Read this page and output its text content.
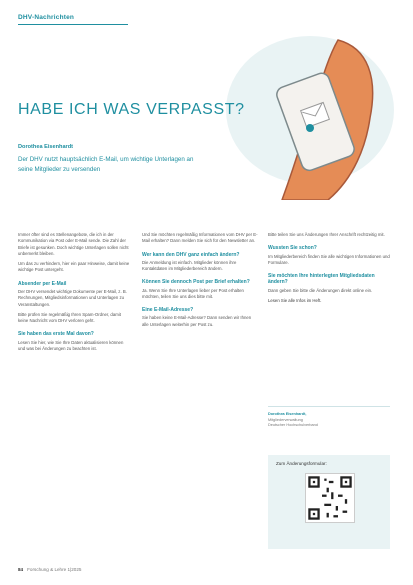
DHV-Nachrichten
HABE ICH WAS VERPASST?
Dorothea Eisenhardt
Der DHV nutzt hauptsächlich E-Mail, um wichtige Unterlagen an seine Mitglieder zu versenden

Immer öfter sind es Stellenangebote, die ich in der Kommunikation via Post oder E-Mail sende. Die Zahl der Briefe ist gesunken. Doch wichtige Unterlagen sollen nicht unbemerkt bleiben.

Um das zu verhindern, hier ein paar Hinweise, damit keine wichtige Post untergeht.

Absender per E-Mail

Der DHV versendet wichtige Dokumente per E-Mail, z. B. Rechnungen, Mitgliedsinformationen und Unterlagen zu Veranstaltungen.

Bitte prüfen Sie regelmäßig Ihren Spam-Ordner, damit keine Nachricht vom DHV verloren geht.

Sie haben das erste Mal davon?

Lesen Sie hier, wie Sie Ihre Daten aktualisieren können und was bei Änderungen zu beachten ist.

Und Sie möchten regelmäßig Informationen vom DHV per E-Mail erhalten? Dann melden Sie sich für den Newsletter an.

Wer kann den DHV ganz einfach ändern?

Die Anmeldung ist einfach. Mitglieder können ihre Kontaktdaten im Mitgliederbereich ändern.

Können Sie dennoch Post per Brief erhalten?

Ja. Wenn Sie Ihre Unterlagen lieber per Post erhalten möchten, teilen Sie uns dies bitte mit.

Eine E-Mail-Adresse?

Sie haben keine E-Mail-Adresse? Dann senden wir Ihnen alle Unterlagen weiterhin per Post zu.

Bitte teilen Sie uns Änderungen Ihrer Anschrift rechtzeitig mit.

Wussten Sie schon?

Im Mitgliederbereich finden Sie alle wichtigen Informationen und Formulare.

Sie möchten Ihre hinterlegten Mitgliedsdaten ändern?

Dann geben Sie bitte die Änderungen direkt online ein.

Lesen Sie alle Infos im Heft.

Dorothea Eisenhardt,
Mitgliederverwaltung
Deutscher Hochschulverband
Zum Änderungsformular:
84 Forschung & Lehre 1|2025
